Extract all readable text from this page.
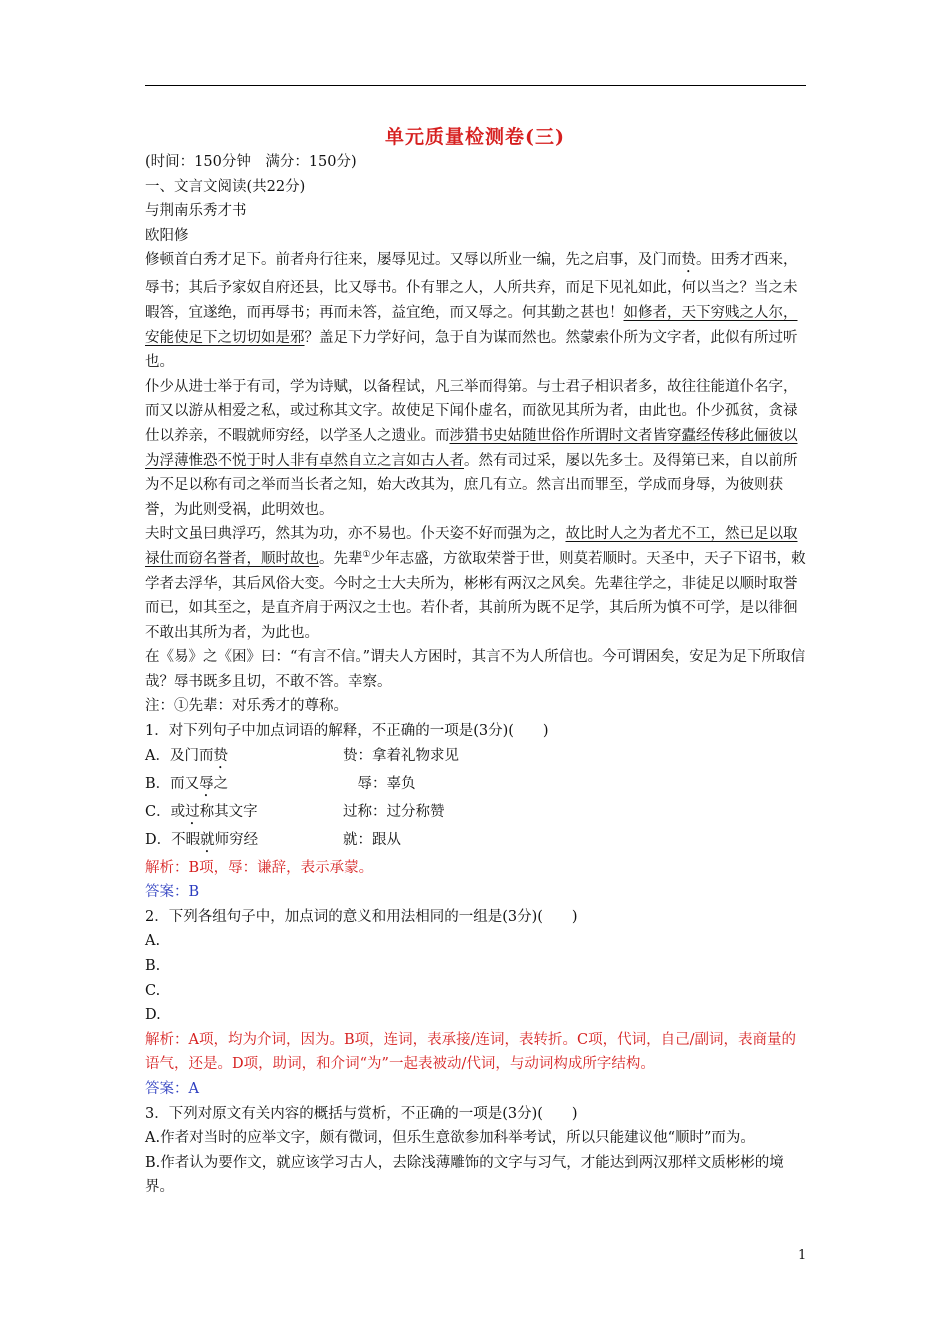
单元质量检测卷(三)

(时间：150分钟　满分：150分)

一、文言文阅读(共22分)

与荆南乐秀才书

欧阳修

修顿首白秀才足下。前者舟行往来，屡辱见过。又辱以所业一编，先之启事，及门而贽。田秀才西来，辱书；其后予家奴自府还县，比又辱书。仆有罪之人，人所共弃，而足下见礼如此，何以当之？当之未暇答，宜遂绝，而再辱书；再而未答，益宜绝，而又辱之。何其勤之甚也！如修者，天下穷贱之人尔，安能使足下之切切如是邪？盖足下力学好问，急于自为谋而然也。然蒙索仆所为文字者，此似有所过听也。

仆少从进士举于有司，学为诗赋，以备程试，凡三举而得第。与士君子相识者多，故往往能道仆名字，而又以游从相爱之私，或过称其文字。故使足下闻仆虚名，而欲见其所为者，由此也。仆少孤贫，贪禄仕以养亲，不暇就师穷经，以学圣人之遗业。而涉猎书史姑随世俗作所谓时文者皆穿蠹经传移此俪彼以为浮薄惟恐不悦于时人非有卓然自立之言如古人者。然有司过采，屡以先多士。及得第已来，自以前所为不足以称有司之举而当长者之知，始大改其为，庶几有立。然言出而罪至，学成而身辱，为彼则获誉，为此则受祸，此明效也。

夫时文虽曰典浮巧，然其为功，亦不易也。仆天姿不好而强为之，故比时人之为者尤不工，然已足以取禄仕而窃名誉者，顺时故也。先辈①少年志盛，方欲取荣誉于世，则莫若顺时。天圣中，天子下诏书，敕学者去浮华，其后风俗大变。今时之士大夫所为，彬彬有两汉之风矣。先辈往学之，非徒足以顺时取誉而已，如其至之，是直齐肩于两汉之士也。若仆者，其前所为既不足学，其后所为慎不可学，是以徘徊不敢出其所为者，为此也。

在《易》之《困》曰：“有言不信。”谓夫人方困时，其言不为人所信也。今可谓困矣，安足为足下所取信哉？辱书既多且切，不敢不答。幸察。

注：①先辈：对乐秀才的尊称。

1．对下列句子中加点词语的解释，不正确的一项是(3分)(　　)

A．及门而贽	贽：拿着礼物求见
B．而又辱之	　辱：辜负
C．或过称其文字	过称：过分称赞
D．不暇就师穷经	就：跟从

解析：B项，辱：谦辞，表示承蒙。

答案：B

2．下列各组句子中，加点词的意义和用法相同的一组是(3分)(　　)

A.

B.

C.

D.

解析：A项，均为介词，因为。B项，连词，表承接/连词，表转折。C项，代词，自己/副词，表商量的语气，还是。D项，助词，和介词“为”一起表被动/代词，与动词构成所字结构。

答案：A

3．下列对原文有关内容的概括与赏析，不正确的一项是(3分)(　　)

A.作者对当时的应举文字，颇有微词，但乐生意欲参加科举考试，所以只能建议他“顺时”而为。

B.作者认为要作文，就应该学习古人，去除浅薄雕饰的文字与习气，才能达到两汉那样文质彬彬的境界。

1
